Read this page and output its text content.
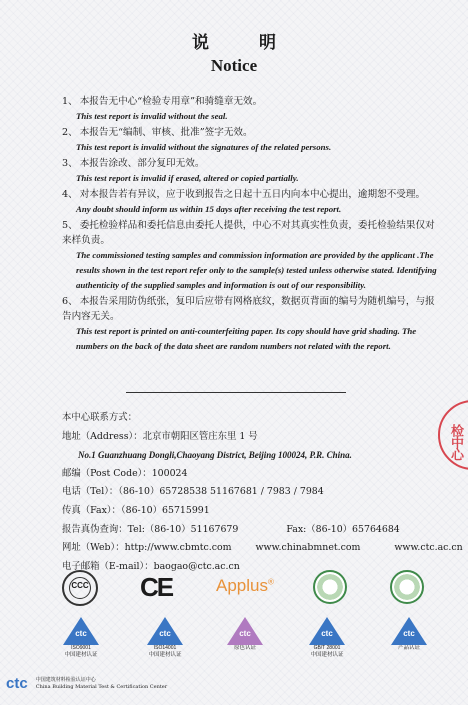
说 明
Notice
1、 本报告无中心“检验专用章”和骑缝章无效。
This test report is invalid without the seal.
2、 本报告无“编制、审核、批准”签字无效。
This test report is invalid without the signatures of the related persons.
3、 本报告涂改、部分复印无效。
This test report is invalid if erased, altered or copied partially.
4、 对本报告若有异议，应于收到报告之日起十五日内向本中心提出，逾期恕不受理。
Any doubt should inform us within 15 days after receiving the test report.
5、 委托检验样品和委托信息由委托人提供，中心不对其真实性负责，委托检验结果仅对来样负责。
The commissioned testing samples and commission information are provided by the applicant .The results shown in the test report refer only to the sample(s) tested unless otherwise stated. Identifying authenticity of the supplied samples and information is out of our responsibility.
6、 本报告采用防伪纸张，复印后应带有网格底纹，数据页背面的编号为随机编号，与报告内容无关。
This test report is printed on anti-counterfeiting paper. Its copy should have grid shading. The numbers on the back of the data sheet are random numbers not related with the report.
本中心联系方式：
地址（Address）：北京市朝阳区管庄东里 1 号
No.1 Guanzhuang Dongli,Chaoyang District, Beijing 100024, P.R. China.
邮编（Post Code）：100024
电话（Tel）：（86-10）65728538 51167681 / 7983 / 7984
传真（Fax）：（86-10）65715991
报告真伪查询：Tel:（86-10）51167679	Fax:（86-10）65764684
网址（Web）：http://www.cbmtc.com	www.chinabmnet.com	www.ctc.ac.cn
电子邮箱（E-mail）：baogao@ctc.ac.cn
检中心
CCC CE	Applus®
ctc
ISO9001
中国建材认证
ctc
ISO14001
中国建材认证
ctc
原色认证
ctc
GB/T 28001
中国建材认证
ctc
产品认证
ctc 中国建筑材料检验认证中心
China Building Material Test & Certification Center
